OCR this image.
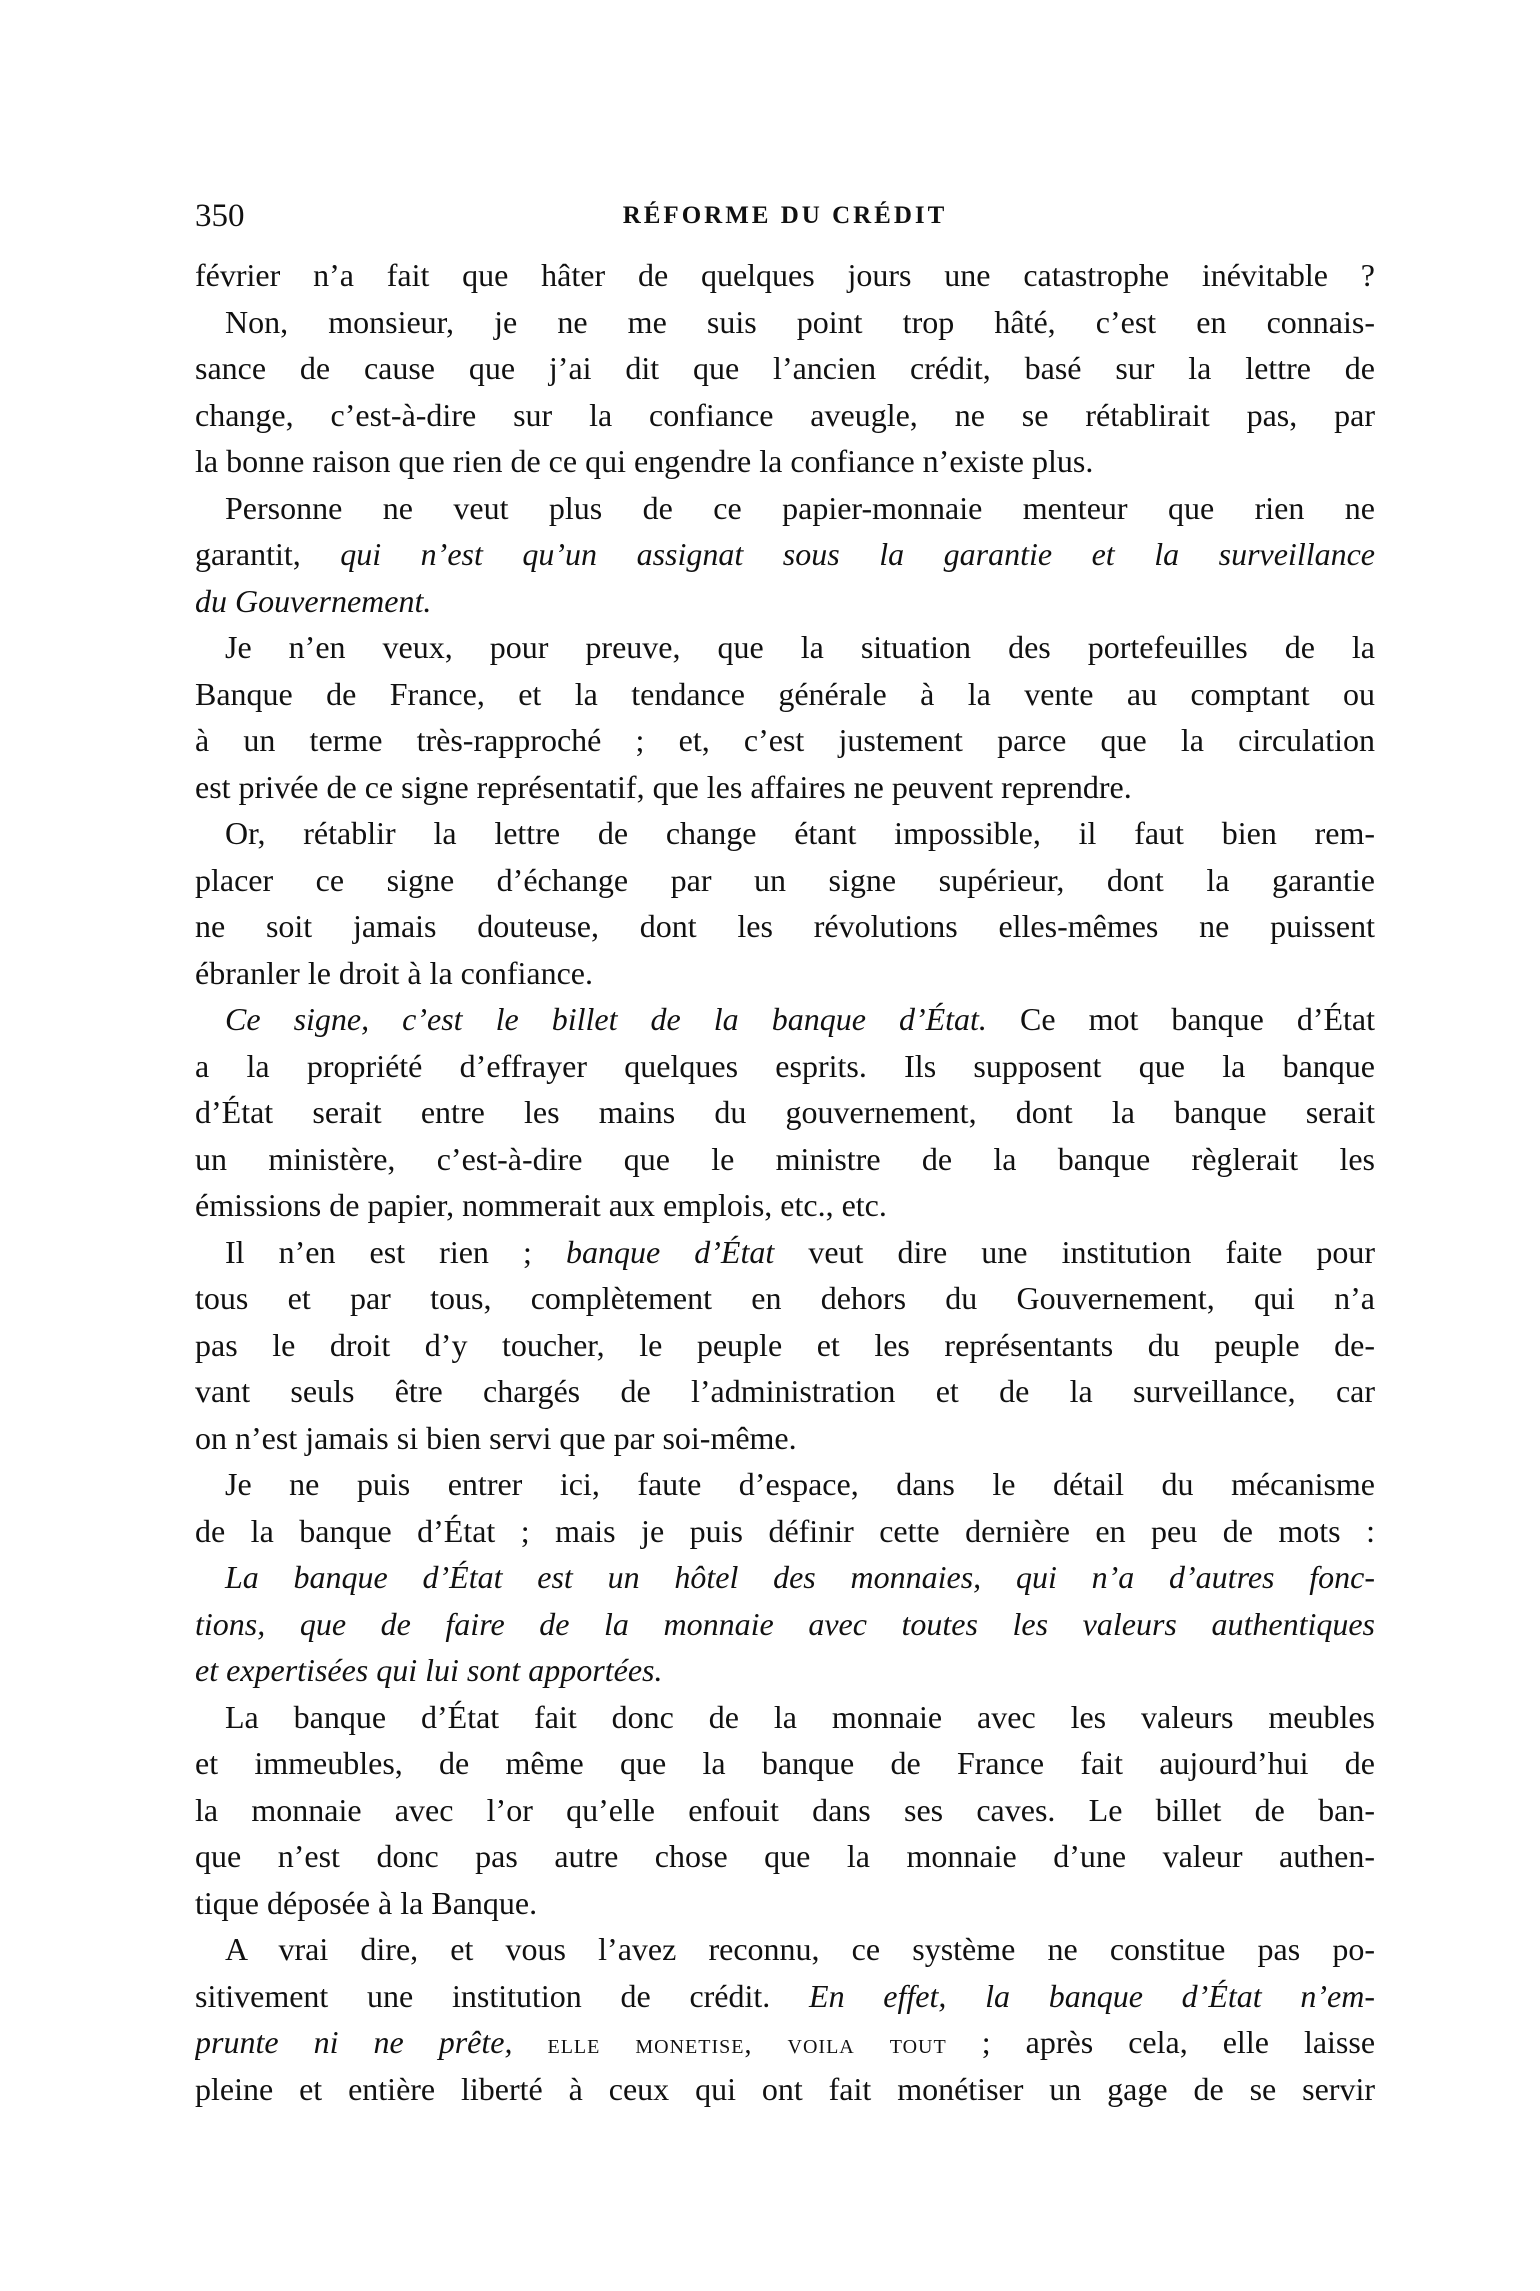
350	RÉFORME DU CRÉDIT
février n’a fait que hâter de quelques jours une catastrophe inévitable ?
Non, monsieur, je ne me suis point trop hâté, c’est en connais-
sance de cause que j’ai dit que l’ancien crédit, basé sur la lettre de
change, c’est-à-dire sur la confiance aveugle, ne se rétablirait pas, par
la bonne raison que rien de ce qui engendre la confiance n’existe plus.
Personne ne veut plus de ce papier-monnaie menteur que rien ne
garantit, qui n’est qu’un assignat sous la garantie et la surveillance
du Gouvernement.
Je n’en veux, pour preuve, que la situation des portefeuilles de la
Banque de France, et la tendance générale à la vente au comptant ou
à un terme très-rapproché ; et, c’est justement parce que la circulation
est privée de ce signe représentatif, que les affaires ne peuvent reprendre.
Or, rétablir la lettre de change étant impossible, il faut bien rem-
placer ce signe d’échange par un signe supérieur, dont la garantie
ne soit jamais douteuse, dont les révolutions elles-mêmes ne puissent
ébranler le droit à la confiance.
Ce signe, c’est le billet de la banque d’État. Ce mot banque d’État
a la propriété d’effrayer quelques esprits. Ils supposent que la banque
d’État serait entre les mains du gouvernement, dont la banque serait
un ministère, c’est-à-dire que le ministre de la banque règlerait les
émissions de papier, nommerait aux emplois, etc., etc.
Il n’en est rien ; banque d’État veut dire une institution faite pour
tous et par tous, complètement en dehors du Gouvernement, qui n’a
pas le droit d’y toucher, le peuple et les représentants du peuple de-
vant seuls être chargés de l’administration et de la surveillance, car
on n’est jamais si bien servi que par soi-même.
Je ne puis entrer ici, faute d’espace, dans le détail du mécanisme
de la banque d’État ; mais je puis définir cette dernière en peu de mots :
La banque d’État est un hôtel des monnaies, qui n’a d’autres fonc-
tions, que de faire de la monnaie avec toutes les valeurs authentiques
et expertisées qui lui sont apportées.
La banque d’État fait donc de la monnaie avec les valeurs meubles
et immeubles, de même que la banque de France fait aujourd’hui de
la monnaie avec l’or qu’elle enfouit dans ses caves. Le billet de ban-
que n’est donc pas autre chose que la monnaie d’une valeur authen-
tique déposée à la Banque.
A vrai dire, et vous l’avez reconnu, ce système ne constitue pas po-
sitivement une institution de crédit. En effet, la banque d’État n’em-
prunte ni ne prête, elle monetise, voila tout ; après cela, elle laisse
pleine et entière liberté à ceux qui ont fait monétiser un gage de se servir
